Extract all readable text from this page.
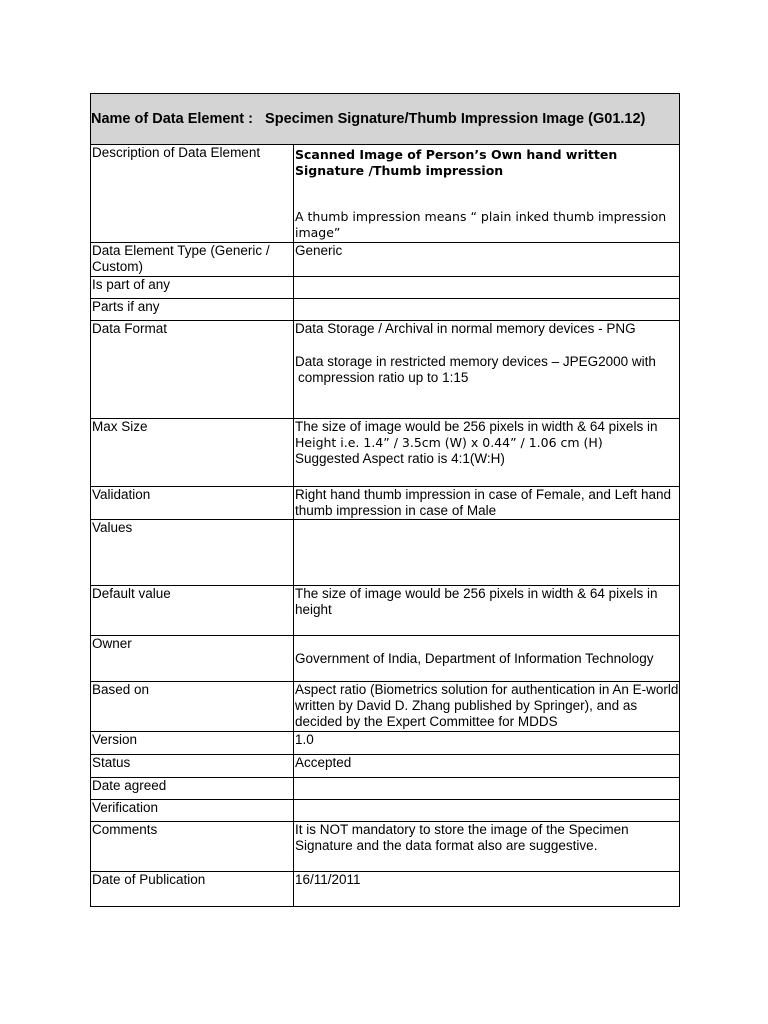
Name of Data Element :   Specimen Signature/Thumb Impression Image (G01.12)	
Description of Data Element	Scanned Image of Person’s Own hand written Signature /Thumb impression
A thumb impression means “ plain inked thumb impression image”

Data Element Type (Generic / Custom)	Generic
Is part of any	
Parts if any	
Data Format	Data Storage / Archival in normal memory devices - PNG
Data storage in restricted memory devices – JPEG2000 with
compression ratio up to 1:15

Max Size	The size of image would be 256 pixels in width & 64 pixels in
Height i.e. 1.4” / 3.5cm (W) x 0.44” / 1.06 cm (H)
Suggested Aspect ratio is 4:1(W:H)

Validation	Right hand thumb impression in case of Female, and Left hand thumb impression in case of Male
Values	
Default value	The size of image would be 256 pixels in width & 64 pixels in height
Owner	Government of India, Department of Information Technology
Based on	Aspect ratio (Biometrics solution for authentication in An E-world written by David D. Zhang published by Springer), and as decided by the Expert Committee for MDDS
Version	1.0
Status	Accepted
Date agreed	
Verification	
Comments	It is NOT mandatory to store the image of the Specimen Signature and the data format also are suggestive.
Date of Publication	16/11/2011
